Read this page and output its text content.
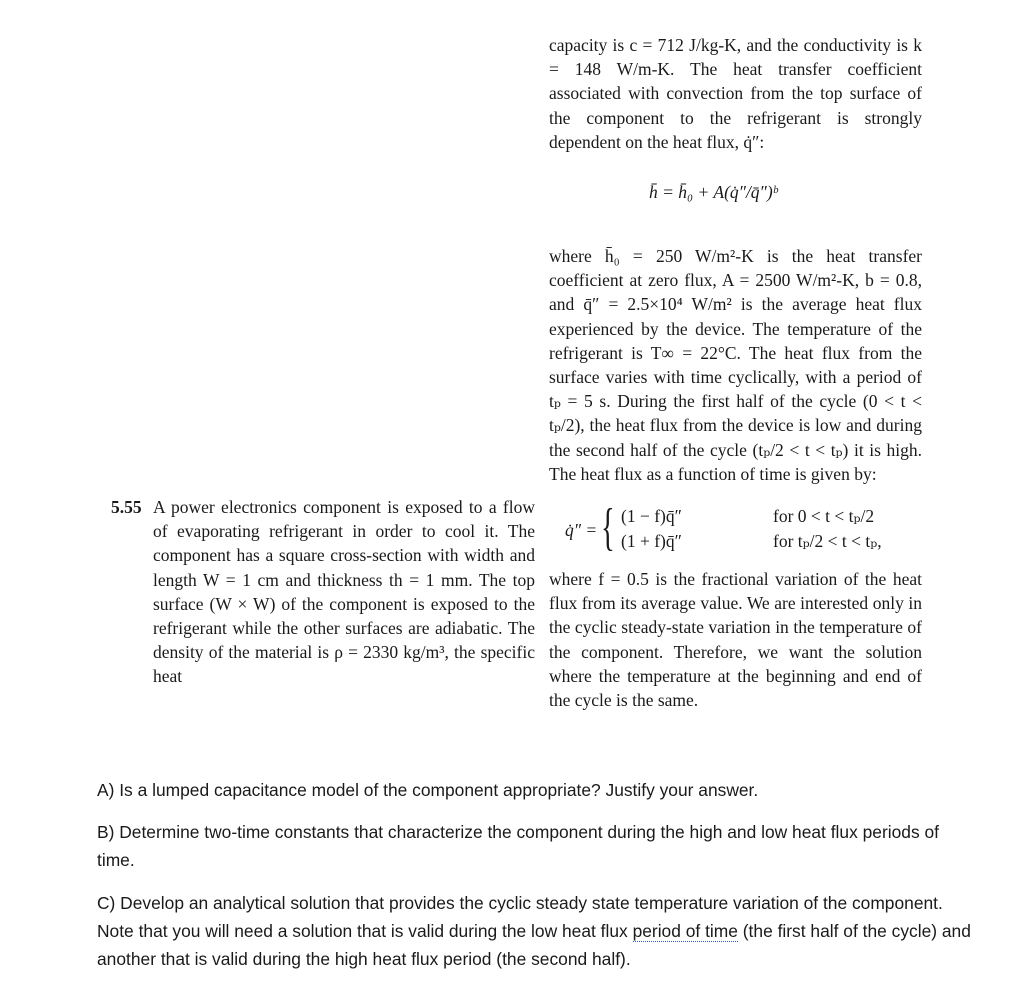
capacity is c = 712 J/kg-K, and the conductivity is k = 148 W/m-K. The heat transfer coefficient associated with convection from the top surface of the component to the refrigerant is strongly dependent on the heat flux, q̇″:

h̄ = h̄₀ + A(q̇″/q̄″)ᵇ

where h̄₀ = 250 W/m²-K is the heat transfer coefficient at zero flux, A = 2500 W/m²-K, b = 0.8, and q̄″ = 2.5×10⁴ W/m² is the average heat flux experienced by the device. The temperature of the refrigerant is T∞ = 22°C. The heat flux from the surface varies with time cyclically, with a period of tₚ = 5 s. During the first half of the cycle (0 < t < tₚ/2), the heat flux from the device is low and during the second half of the cycle (tₚ/2 < t < tₚ) it is high. The heat flux as a function of time is given by:

5.55 A power electronics component is exposed to a flow of evaporating refrigerant in order to cool it. The component has a square cross-section with width and length W = 1 cm and thickness th = 1 mm. The top surface (W × W) of the component is exposed to the refrigerant while the other surfaces are adiabatic. The density of the material is ρ = 2330 kg/m³, the specific heat
q̇″ = { (1 − f)q̄″	for 0 < t < tₚ/2
(1 + f)q̄″	for tₚ/2 < t < tₚ,
where f = 0.5 is the fractional variation of the heat flux from its average value. We are interested only in the cyclic steady-state variation in the temperature of the component. Therefore, we want the solution where the temperature at the beginning and end of the cycle is the same.

A) Is a lumped capacitance model of the component appropriate? Justify your answer.

B) Determine two-time constants that characterize the component during the high and low heat flux periods of time.

C) Develop an analytical solution that provides the cyclic steady state temperature variation of the component. Note that you will need a solution that is valid during the low heat flux period of time (the first half of the cycle) and another that is valid during the high heat flux period (the second half).
